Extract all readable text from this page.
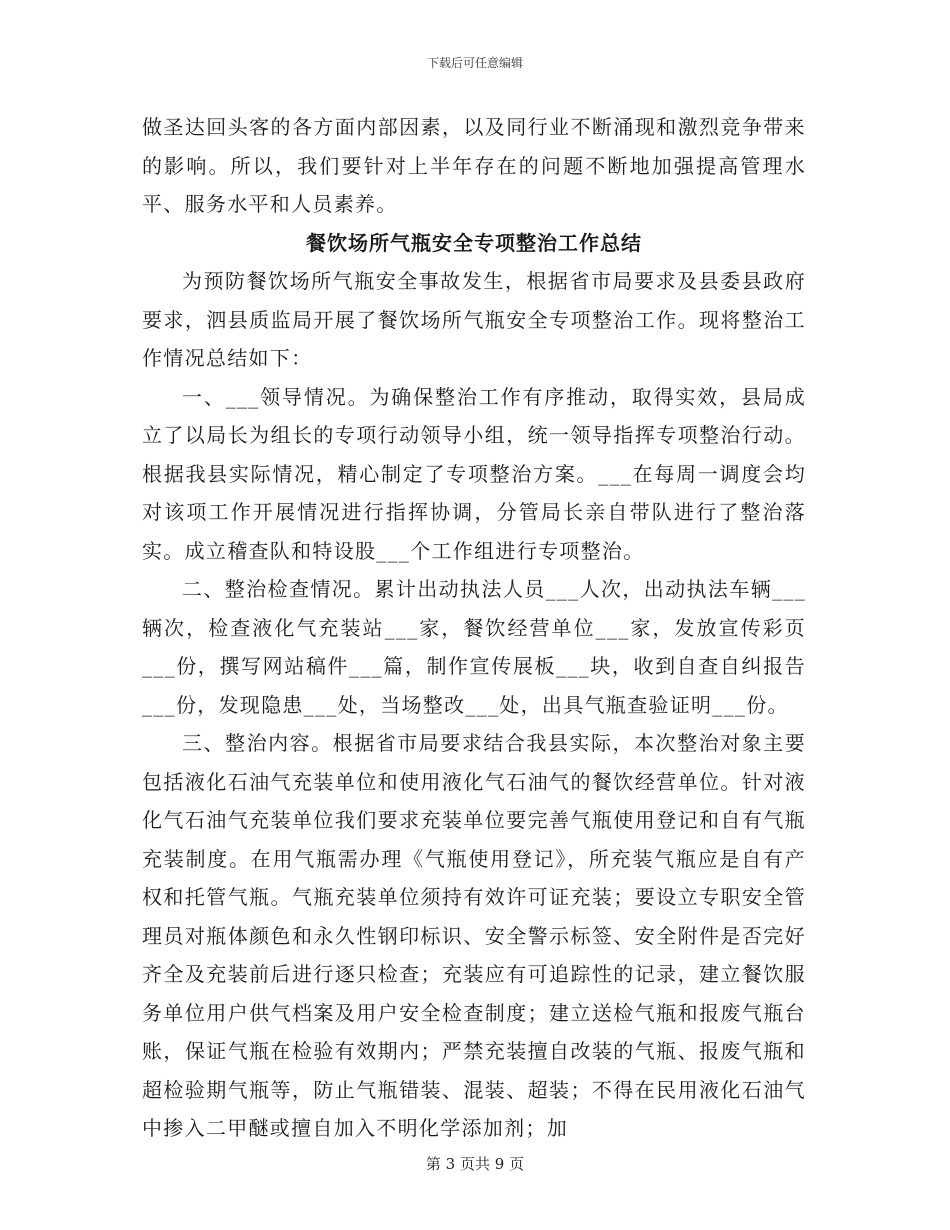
下载后可任意编辑

做圣达回头客的各方面内部因素，以及同行业不断涌现和激烈竞争带来的影响。所以，我们要针对上半年存在的问题不断地加强提高管理水平、服务水平和人员素养。

餐饮场所气瓶安全专项整治工作总结

为预防餐饮场所气瓶安全事故发生，根据省市局要求及县委县政府要求，泗县质监局开展了餐饮场所气瓶安全专项整治工作。现将整治工作情况总结如下：

一、___领导情况。为确保整治工作有序推动，取得实效，县局成立了以局长为组长的专项行动领导小组，统一领导指挥专项整治行动。根据我县实际情况，精心制定了专项整治方案。___在每周一调度会均对该项工作开展情况进行指挥协调，分管局长亲自带队进行了整治落实。成立稽查队和特设股___个工作组进行专项整治。

二、整治检查情况。累计出动执法人员___人次，出动执法车辆___辆次，检查液化气充装站___家，餐饮经营单位___家，发放宣传彩页___份，撰写网站稿件___篇，制作宣传展板___块，收到自查自纠报告___份，发现隐患___处，当场整改___处，出具气瓶查验证明___份。

三、整治内容。根据省市局要求结合我县实际，本次整治对象主要包括液化石油气充装单位和使用液化气石油气的餐饮经营单位。针对液化气石油气充装单位我们要求充装单位要完善气瓶使用登记和自有气瓶充装制度。在用气瓶需办理《气瓶使用登记》，所充装气瓶应是自有产权和托管气瓶。气瓶充装单位须持有效许可证充装；要设立专职安全管理员对瓶体颜色和永久性钢印标识、安全警示标签、安全附件是否完好齐全及充装前后进行逐只检查；充装应有可追踪性的记录，建立餐饮服务单位用户供气档案及用户安全检查制度；建立送检气瓶和报废气瓶台账，保证气瓶在检验有效期内；严禁充装擅自改装的气瓶、报废气瓶和超检验期气瓶等，防止气瓶错装、混装、超装；不得在民用液化石油气中掺入二甲醚或擅自加入不明化学添加剂；加

第 3 页共 9 页
